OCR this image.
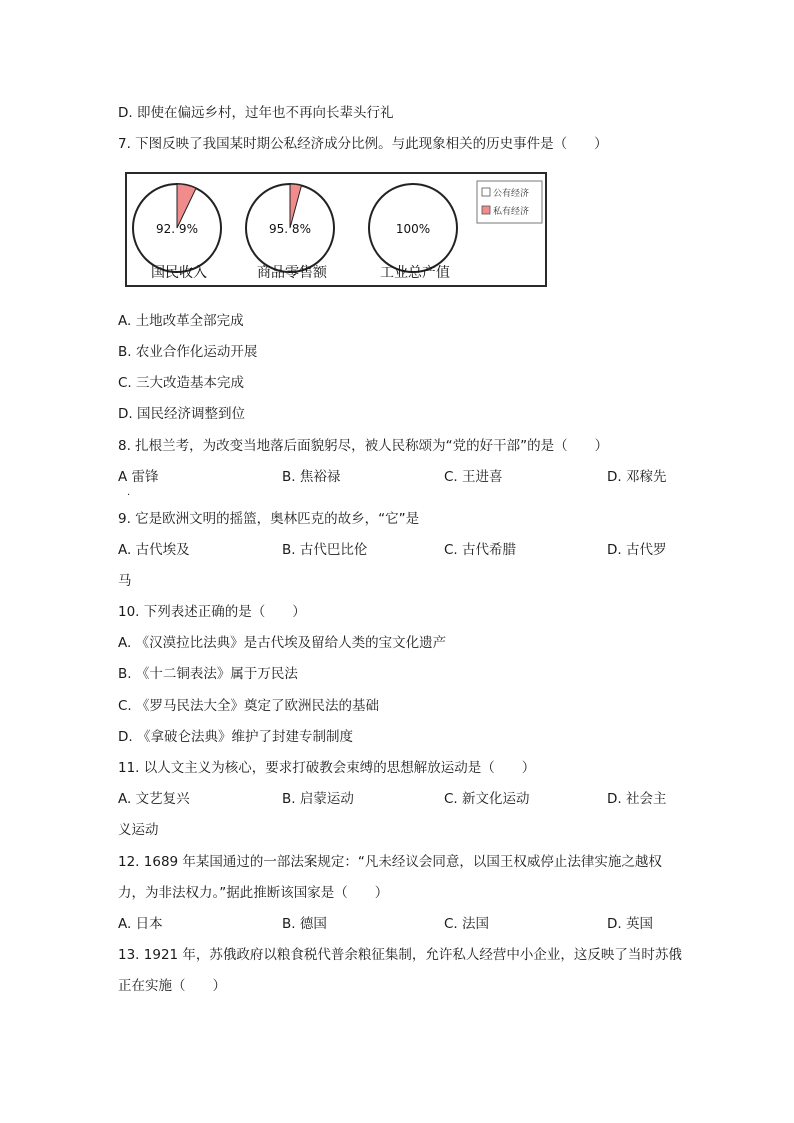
D. 即使在偏远乡村，过年也不再向长辈头行礼
7. 下图反映了我国某时期公私经济成分比例。与此现象相关的历史事件是（　　）
92. 9%
国民收入
95. 8%
商品零售额
100%
工业总产值
公有经济
私有经济
A. 土地改革全部完成
B. 农业合作化运动开展
C. 三大改造基本完成
D. 国民经济调整到位
8. 扎根兰考，为改变当地落后面貌躬尽，被人民称颂为“党的好干部”的是（　　）
A 雷锋	B. 焦裕禄	C. 王进喜	D. 邓稼先
.
9. 它是欧洲文明的摇篮，奥林匹克的故乡，“它”是
A. 古代埃及	B. 古代巴比伦	C. 古代希腊	D. 古代罗
马
10. 下列表述正确的是（　　）
A. 《汉漠拉比法典》是古代埃及留给人类的宝文化遗产
B. 《十二铜表法》属于万民法
C. 《罗马民法大全》奠定了欧洲民法的基础
D. 《拿破仑法典》维护了封建专制制度
11. 以人文主义为核心，要求打破教会束缚的思想解放运动是（　　）
A. 文艺复兴	B. 启蒙运动	C. 新文化运动	D. 社会主
义运动
12. 1689 年某国通过的一部法案规定：“凡未经议会同意，以国王权威停止法律实施之越权
力，为非法权力。”据此推断该国家是（　　）
A. 日本	B. 德国	C. 法国	D. 英国
13. 1921 年，苏俄政府以粮食税代普余粮征集制，允许私人经营中小企业，这反映了当时苏俄
正在实施（　　）
